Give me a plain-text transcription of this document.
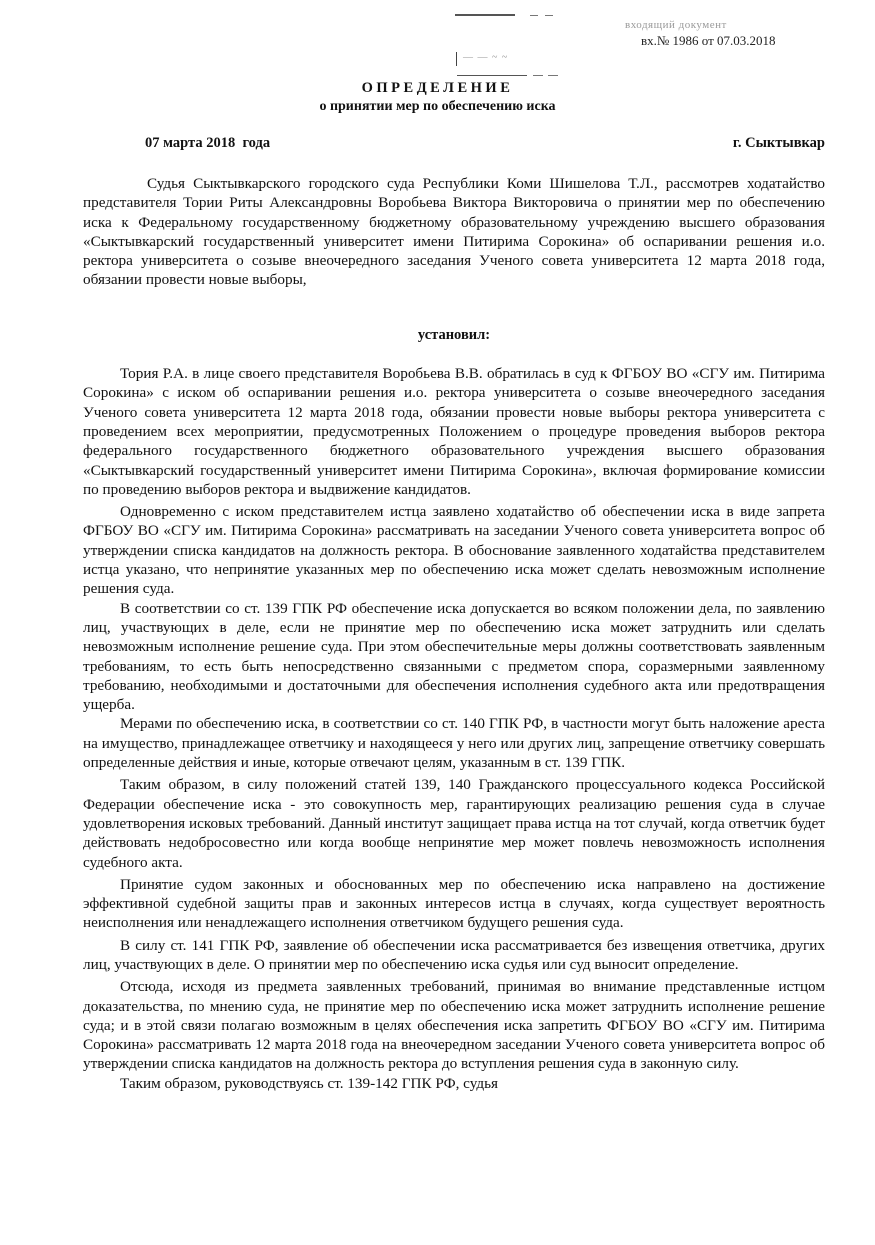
— — ~ ~
входящий документ
вх.№ 1986 от 07.03.2018

ОПРЕДЕЛЕНИЕ
о принятии мер по обеспечению иска
07 марта 2018  года	г. Сыктывкар

Судья Сыктывкарского городского суда Республики Коми Шишелова Т.Л., рассмотрев ходатайство представителя Тории Риты Александровны Воробьева Виктора Викторовича о принятии мер по обеспечению иска к Федеральному государственному бюджетному образовательному учреждению высшего образования «Сыктывкарский государственный университет имени Питирима Сорокина» об оспаривании решения и.о. ректора университета о созыве внеочередного заседания Ученого совета университета 12 марта 2018 года, обязании провести новые выборы,

установил:

Тория Р.А. в лице своего представителя Воробьева В.В. обратилась в суд к ФГБОУ ВО «СГУ им. Питирима Сорокина» с иском об оспаривании решения и.о. ректора университета о созыве внеочередного заседания Ученого совета университета 12 марта 2018 года, обязании провести новые выборы ректора университета с проведением всех мероприятии, предусмотренных Положением о процедуре проведения выборов ректора федерального государственного бюджетного образовательного учреждения высшего образования «Сыктывкарский государственный университет имени Питирима Сорокина», включая формирование комиссии по проведению выборов ректора и выдвижение кандидатов.

Одновременно с иском представителем истца заявлено ходатайство об обеспечении иска в виде запрета ФГБОУ ВО «СГУ им. Питирима Сорокина» рассматривать на заседании Ученого совета университета вопрос об утверждении списка кандидатов на должность ректора. В обоснование заявленного ходатайства представителем истца указано, что непринятие указанных мер по обеспечению иска может сделать невозможным исполнение решения суда.

В соответствии со ст. 139 ГПК РФ обеспечение иска допускается во всяком положении дела, по заявлению лиц, участвующих в деле, если не принятие мер по обеспечению иска может затруднить или сделать невозможным исполнение решение суда. При этом обеспечительные меры должны соответствовать заявленным требованиям, то есть быть непосредственно связанными с предметом спора, соразмерными заявленному требованию, необходимыми и достаточными для обеспечения исполнения судебного акта или предотвращения ущерба.

Мерами по обеспечению иска, в соответствии со ст. 140 ГПК РФ, в частности могут быть наложение ареста на имущество, принадлежащее ответчику и находящееся у него или других лиц, запрещение ответчику совершать определенные действия и иные, которые отвечают целям, указанным в ст. 139 ГПК.

Таким образом, в силу положений статей 139, 140 Гражданского процессуального кодекса Российской Федерации обеспечение иска - это совокупность мер, гарантирующих реализацию решения суда в случае удовлетворения исковых требований. Данный институт защищает права истца на тот случай, когда ответчик будет действовать недобросовестно или когда вообще непринятие мер может повлечь невозможность исполнения судебного акта.

Принятие судом законных и обоснованных мер по обеспечению иска направлено на достижение эффективной судебной защиты прав и законных интересов истца в случаях, когда существует вероятность неисполнения или ненадлежащего исполнения ответчиком будущего решения суда.

В силу ст. 141 ГПК РФ, заявление об обеспечении иска рассматривается без извещения ответчика, других лиц, участвующих в деле. О принятии мер по обеспечению иска судья или суд выносит определение.

Отсюда, исходя из предмета заявленных требований, принимая во внимание представленные истцом доказательства, по мнению суда, не принятие мер по обеспечению иска может затруднить исполнение решение суда; и в этой связи полагаю возможным в целях обеспечения иска запретить ФГБОУ ВО «СГУ им. Питирима Сорокина» рассматривать 12 марта 2018 года на внеочередном заседании Ученого совета университета вопрос об утверждении списка кандидатов на должность ректора до вступления решения суда в законную силу.

Таким образом, руководствуясь ст. 139-142 ГПК РФ, судья
